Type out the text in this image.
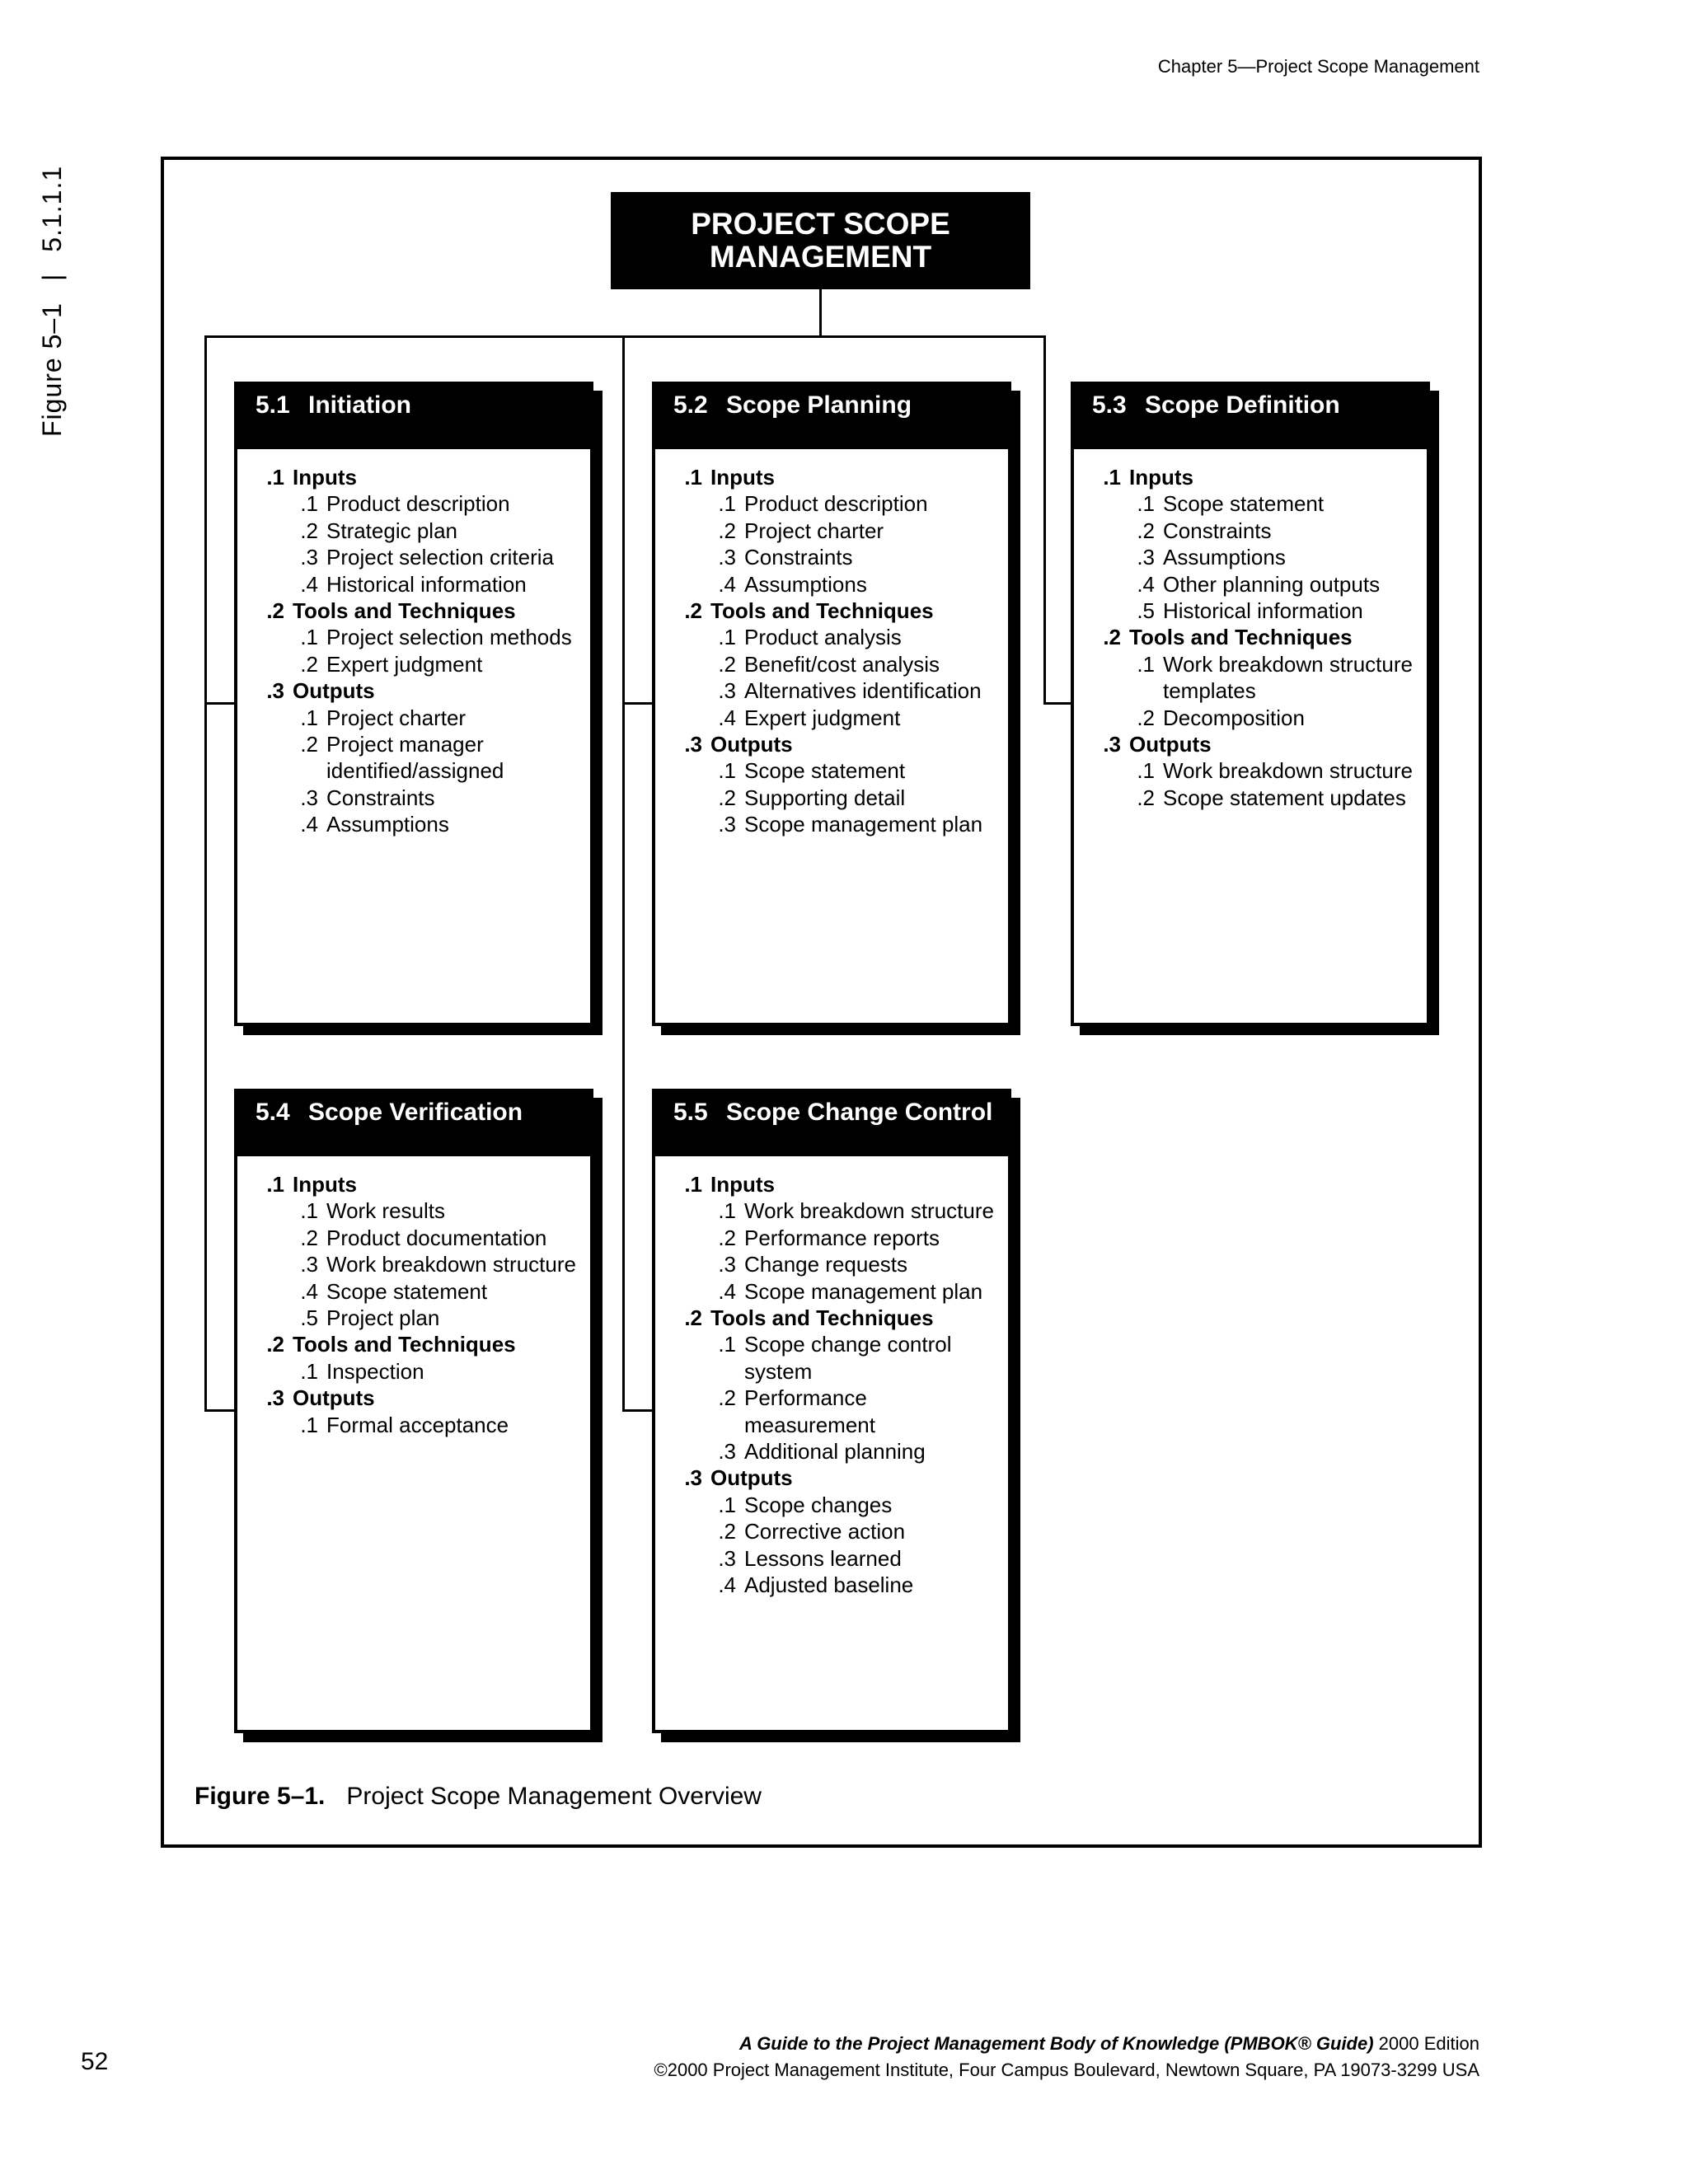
Chapter 5—Project Scope Management
Figure 5–1|5.1.1.1	PROJECT SCOPE
MANAGEMENT
5.1 Initiation
.1 Inputs
.1 Product description
.2 Strategic plan
.3 Project selection criteria
.4 Historical information
.2 Tools and Techniques
.1 Project selection methods
.2 Expert judgment
.3 Outputs
.1 Project charter
.2 Project manager identified/assigned
.3 Constraints
.4 Assumptions
5.2 Scope Planning
.1 Inputs
.1 Product description
.2 Project charter
.3 Constraints
.4 Assumptions
.2 Tools and Techniques
.1 Product analysis
.2 Benefit/cost analysis
.3 Alternatives identification
.4 Expert judgment
.3 Outputs
.1 Scope statement
.2 Supporting detail
.3 Scope management plan
5.3 Scope Definition
.1 Inputs
.1 Scope statement
.2 Constraints
.3 Assumptions
.4 Other planning outputs
.5 Historical information
.2 Tools and Techniques
.1 Work breakdown structure templates
.2 Decomposition
.3 Outputs
.1 Work breakdown structure
.2 Scope statement updates
5.4 Scope Verification
.1 Inputs
.1 Work results
.2 Product documentation
.3 Work breakdown structure
.4 Scope statement
.5 Project plan
.2 Tools and Techniques
.1 Inspection
.3 Outputs
.1 Formal acceptance
5.5 Scope Change Control
.1 Inputs
.1 Work breakdown structure
.2 Performance reports
.3 Change requests
.4 Scope management plan
.2 Tools and Techniques
.1 Scope change control system
.2 Performance measurement
.3 Additional planning
.3 Outputs
.1 Scope changes
.2 Corrective action
.3 Lessons learned
.4 Adjusted baseline
Figure 5–1. Project Scope Management Overview
52
A Guide to the Project Management Body of Knowledge (PMBOK® Guide) 2000 Edition
©2000 Project Management Institute, Four Campus Boulevard, Newtown Square, PA 19073-3299 USA
